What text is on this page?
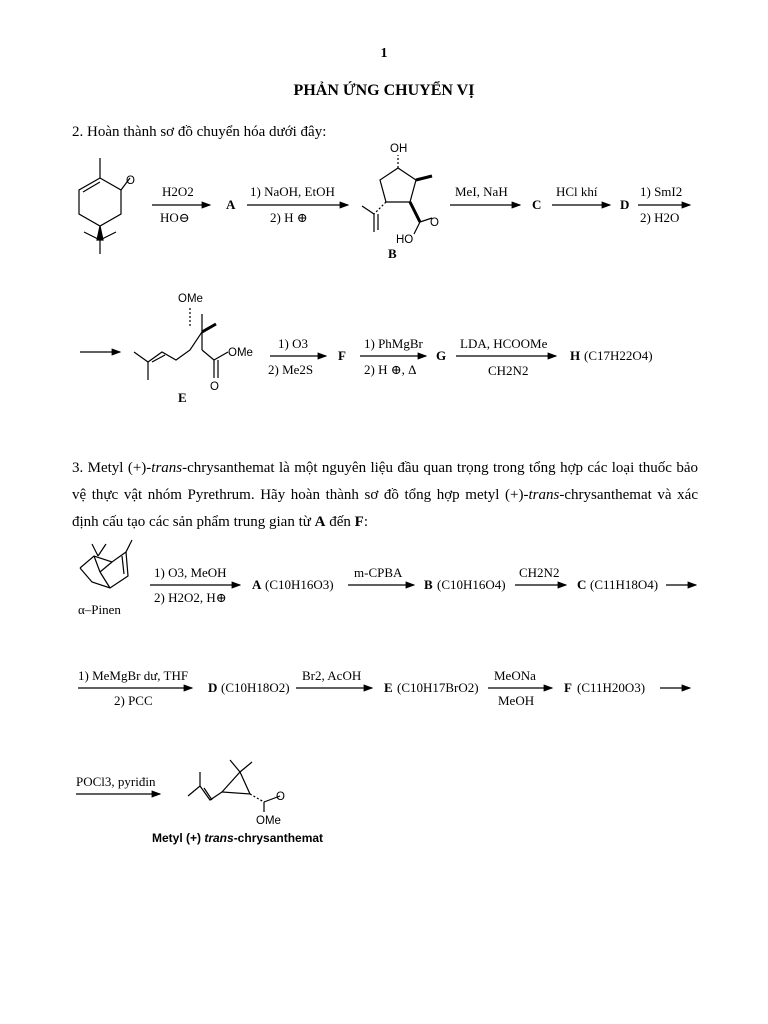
1
PHẢN ỨNG CHUYỂN VỊ
2. Hoàn thành sơ đồ chuyển hóa dưới đây:
3. Metyl (+)-trans-chrysanthemat là một nguyên liệu đầu quan trọng trong tổng hợp các loại thuốc bảo vệ thực vật nhóm Pyrethrum. Hãy hoàn thành sơ đồ tổng hợp metyl (+)-trans-chrysanthemat và xác định cấu tạo các sản phẩm trung gian từ A đến F:
O
H2O2
HO⊖
A
1) NaOH, EtOH
2) H ⊕
OH
HO
O
B
MeI, NaH
C
HCl khí
D
1) SmI2
2) H2O
OMe
OMe
O
E
1) O3
2) Me2S
F
1) PhMgBr
2) H ⊕, Δ
G
LDA, HCOOMe
CH2N2
H (C17H22O4)
α–Pinen
1) O3, MeOH
2) H2O2, H⊕
A (C10H16O3)
m-CPBA
B (C10H16O4)
CH2N2
C (C11H18O4)
1) MeMgBr dư, THF
2) PCC
D (C10H18O2)
Br2, AcOH
E (C10H17BrO2)
MeONa
MeOH
F (C11H20O3)
POCl3, pyriđin
O
OMe
Metyl (+) trans-chrysanthemat
